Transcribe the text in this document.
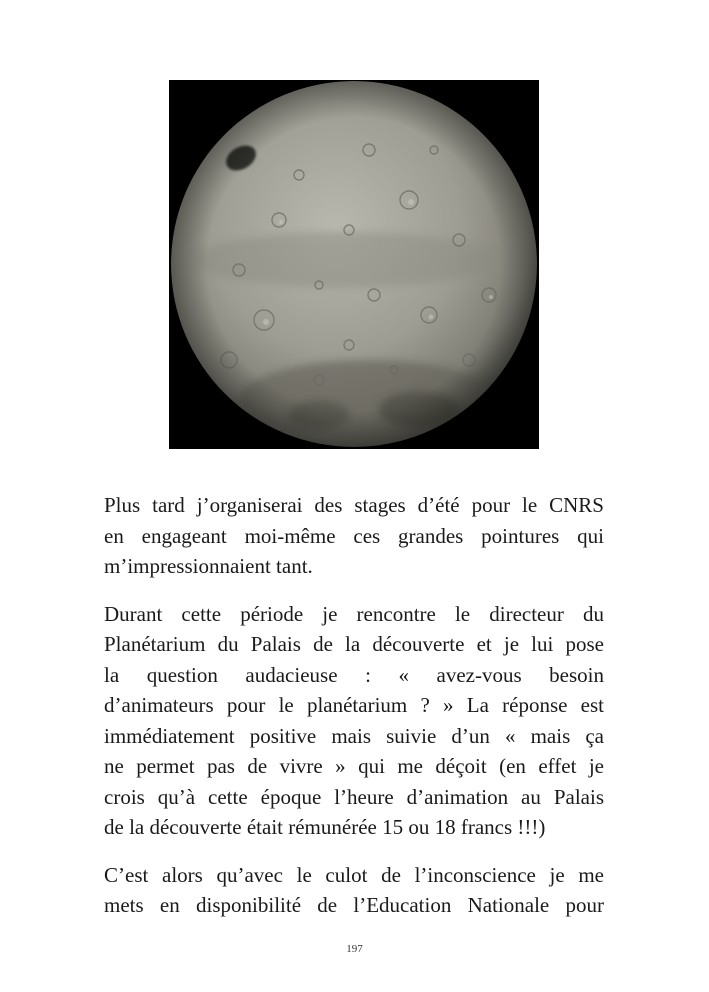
Plus tard j’organiserai des stages d’été pour le CNRS
en engageant moi-même ces grandes pointures qui
m’impressionnaient tant.

Durant cette période je rencontre le directeur du
Planétarium du Palais de la découverte et je lui pose
la question audacieuse : « avez-vous besoin
d’animateurs pour le planétarium ? » La réponse est
immédiatement positive mais suivie d’un « mais ça
ne permet pas de vivre » qui me déçoit (en effet je
crois qu’à cette époque l’heure d’animation au Palais
de la découverte était rémunérée 15 ou 18 francs !!!)

C’est alors qu’avec le culot de l’inconscience je me
mets en disponibilité de l’Education Nationale pour

197
